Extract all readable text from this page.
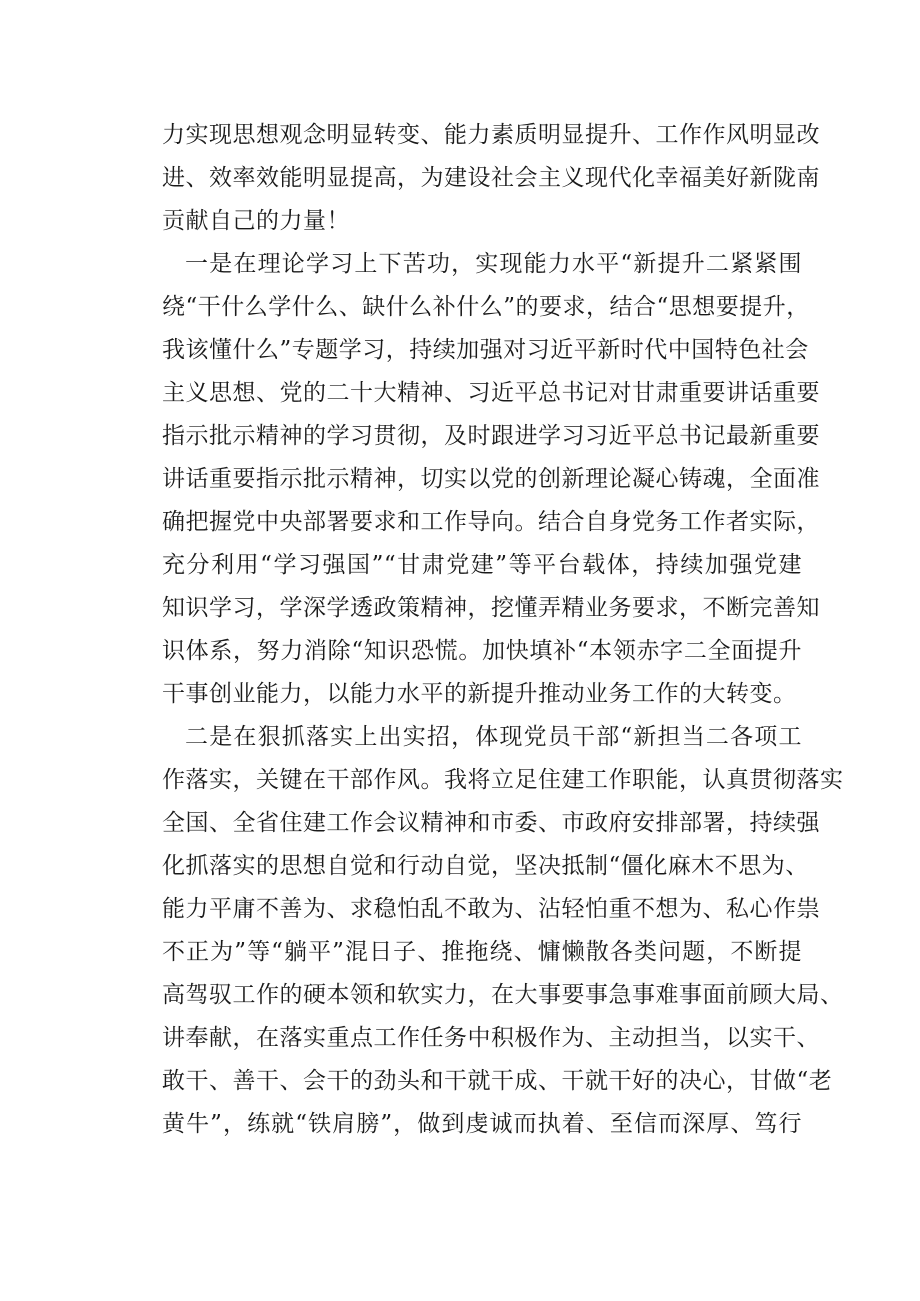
力实现思想观念明显转变、能力素质明显提升、工作作风明显改
进、效率效能明显提高，为建设社会主义现代化幸福美好新陇南
贡献自己的力量！
一是在理论学习上下苦功，实现能力水平“新提升二紧紧围
绕“干什么学什么、缺什么补什么”的要求，结合“思想要提升，
我该懂什么”专题学习，持续加强对习近平新时代中国特色社会
主义思想、党的二十大精神、习近平总书记对甘肃重要讲话重要
指示批示精神的学习贯彻，及时跟进学习习近平总书记最新重要
讲话重要指示批示精神，切实以党的创新理论凝心铸魂，全面准
确把握党中央部署要求和工作导向。结合自身党务工作者实际，
充分利用“学习强国”“甘肃党建”等平台载体，持续加强党建
知识学习，学深学透政策精神，挖懂弄精业务要求，不断完善知
识体系，努力消除“知识恐慌。加快填补“本领赤字二全面提升
干事创业能力，以能力水平的新提升推动业务工作的大转变。
二是在狠抓落实上出实招，体现党员干部“新担当二各项工
作落实，关键在干部作风。我将立足住建工作职能，认真贯彻落实
全国、全省住建工作会议精神和市委、市政府安排部署，持续强
化抓落实的思想自觉和行动自觉，坚决抵制“僵化麻木不思为、
能力平庸不善为、求稳怕乱不敢为、沾轻怕重不想为、私心作祟
不正为”等“躺平”混日子、推拖绕、慵懒散各类问题，不断提
高驾驭工作的硬本领和软实力，在大事要事急事难事面前顾大局、
讲奉献，在落实重点工作任务中积极作为、主动担当，以实干、
敢干、善干、会干的劲头和干就干成、干就干好的决心，甘做“老
黄牛”，练就“铁肩膀”，做到虔诚而执着、至信而深厚、笃行
